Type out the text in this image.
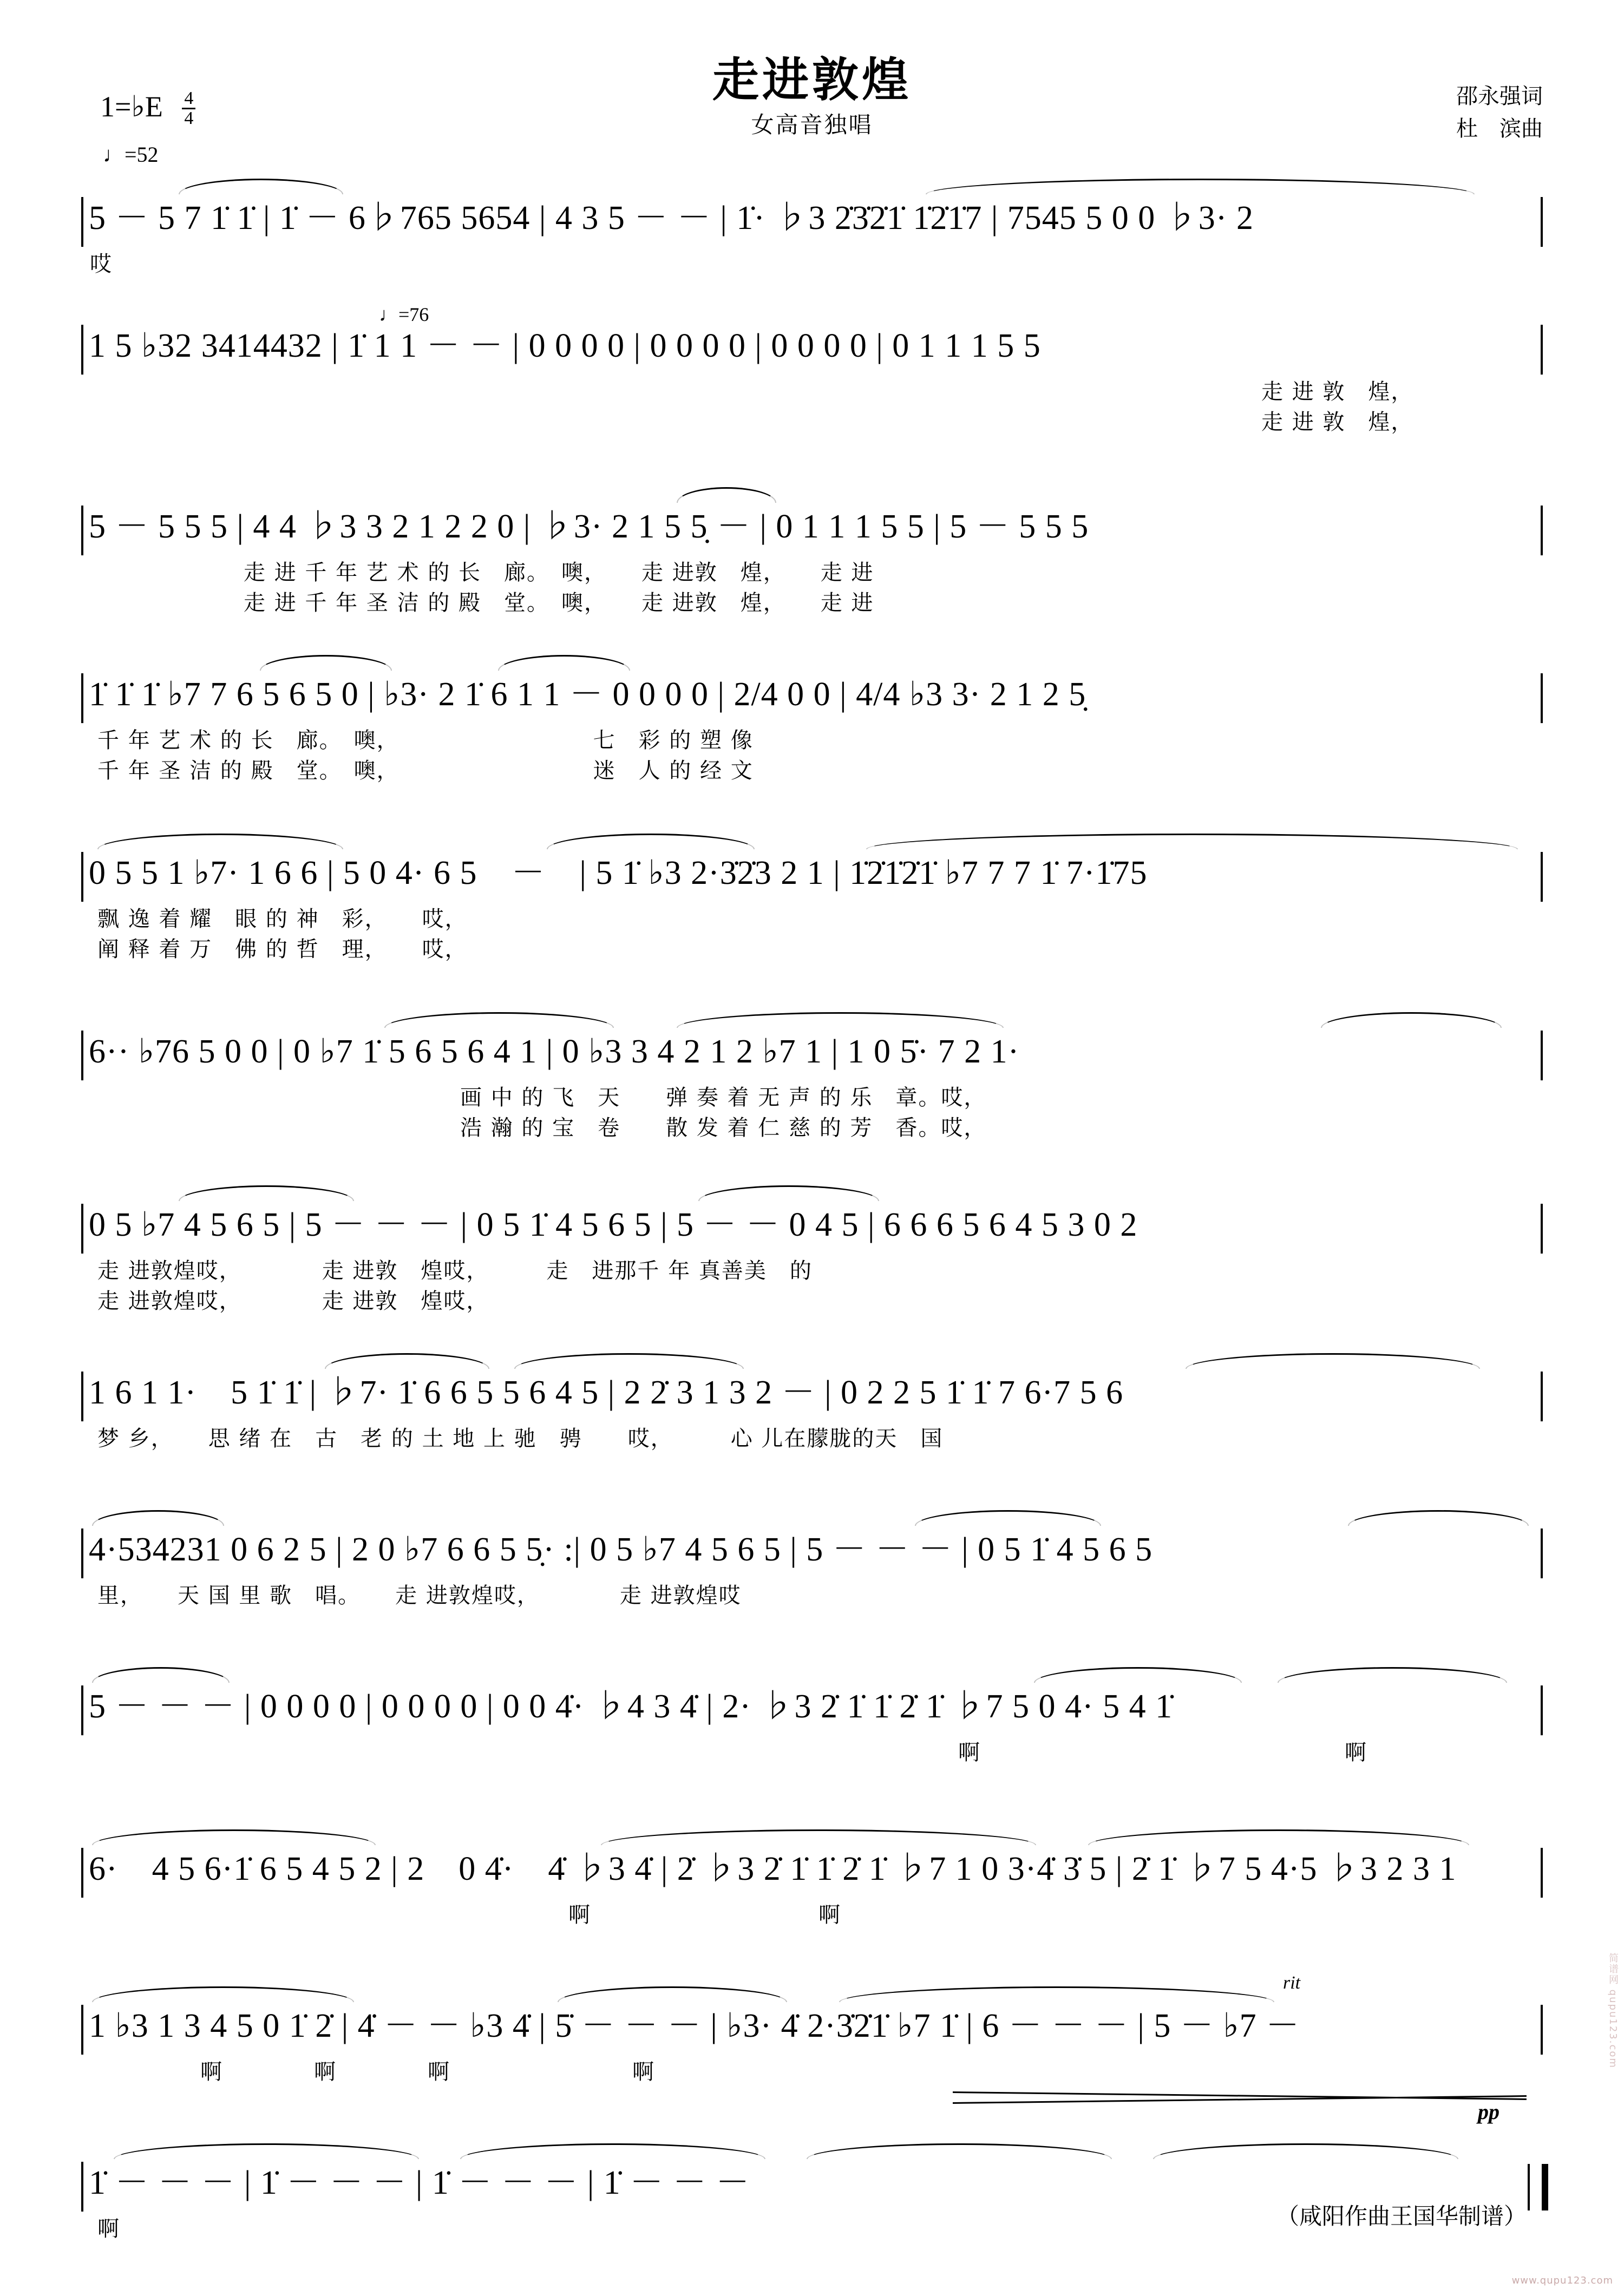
走进敦煌
女高音独唱
邵永强词
杜　滨曲
1=♭E $\frac{4}{4}$
♩=52
♩=76
5 － 5 7 1̇ 1̇ | 1̇ － 6♭765 5654 | 4 3 5 － － | 1̇· ♭3 2̇3̇2̇1̇ 1̇2̇1̇7 | 7545 5 0 0 ♭3· 2
哎
1 5 ♭32 3414432 | 1̇ 1 1 － － | 0 0 0 0 | 0 0 0 0 | 0 0 0 0 | 0 1 1 1 5 5
走 进 敦　煌，
走 进 敦　煌，
5 － 5 5 5 | 4 4 ♭3 3 2 1 2 2 0 | ♭3· 2 1 5 5̣ － | 0 1 1 1 5 5 | 5 － 5 5 5
走 进 千 年 艺 术 的 长　廊。　噢，　　走 进敦　煌，　　走 进
走 进 千 年 圣 洁 的 殿　堂。　噢，　　走 进敦　煌，　　走 进
1̇ 1̇ 1̇ ♭7 7 6 5 6 5 0 | ♭3· 2 1̇ 6 1 1 － 0 0 0 0 | 2/4 0 0 | 4/4 ♭3 3· 2 1 2 5̣
千 年 艺 术 的 长　廊。　噢，　　　　　　　　　七　彩 的 塑 像
千 年 圣 洁 的 殿　堂。　噢，　　　　　　　　　迷　人 的 经 文
0 5 5 1 ♭7· 1 6 6 | 5 0 4· 6 5　－　| 5 1̇ ♭3 2·3̇2̇3 2 1 | 1̇2̇1̇2̇1̇ ♭7 7 7 1̇ 7·1̇75
飘 逸 着 耀　眼 的 神　彩，　　哎，
阐 释 着 万　佛 的 哲　理，　　哎，
6·· ♭76 5 0 0 | 0 ♭7 1̇ 5 6 5 6 4 1 | 0 ♭3 3 4 2 1 2 ♭7 1 | 1 0 5̇· 7 2 1·
画 中 的 飞　天　　弹 奏 着 无 声 的 乐　章。哎，
浩 瀚 的 宝　卷　　散 发 着 仁 慈 的 芳　香。哎，
0 5 ♭7 4 5 6 5 | 5 － － － | 0 5 1̇ 4 5 6 5 | 5 － － 0 4 5 | 6 6 6 5 6 4 5 3 0 2
走 进敦煌哎，　　　　走 进敦　煌哎，　　　走　进那千 年 真善美　的
走 进敦煌哎，　　　　走 进敦　煌哎，
1 6 1 1·　5 1̇ 1̇ | ♭7· 1̇ 6 6 5 5 6 4 5 | 2 2̇ 3 1 3 2 － | 0 2 2 5 1̇ 1̇ 7 6·7 5 6
梦 乡，　　思 绪 在　古　老 的 土 地 上 驰　骋　　哎，　　　心 儿在朦胧的天　国
4·534231 0 6 2 5 | 2 0 ♭7 6 6 5 5̣· :| 0 5 ♭7 4 5 6 5 | 5 － － － | 0 5 1̇ 4 5 6 5
里，　　天 国 里 歌　唱。　　走 进敦煌哎，　　　　走 进敦煌哎
5 － － － | 0 0 0 0 | 0 0 0 0 | 0 0 4̇· ♭4 3 4̇ | 2· ♭3 2̇ 1̇ 1̇ 2̇ 1̇ ♭7 5 0 4· 5 4 1̇
啊　　　　　　　　　　　　　　　　啊
6·　4 5 6·1̇ 6 5 4 5 2 | 2　0 4̇·　4̇ ♭3 4̇ | 2̇ ♭3 2̇ 1̇ 1̇ 2̇ 1̇ ♭7 1 0 3·4̇ 3̇ 5 | 2̇ 1̇ ♭7 5 4·5 ♭3 2 3 1
啊　　　　　　　　　　啊
1 ♭3 1 3 4 5 0 1̇ 2̇ | 4̇ － － ♭3 4̇ | 5̇ － － － | ♭3· 4̇ 2·3̇2̇1̇ ♭7 1̇ | 6 － － － | 5 － ♭7 －
啊　　　　啊　　　　啊　　　　　　　　啊
1̇ － － － | 1̇ － － － | 1̇ － － － | 1̇ － － －
啊
rit
pp
（咸阳作曲王国华制谱）
www.qupu123.com
简谱网 qupu123.com
